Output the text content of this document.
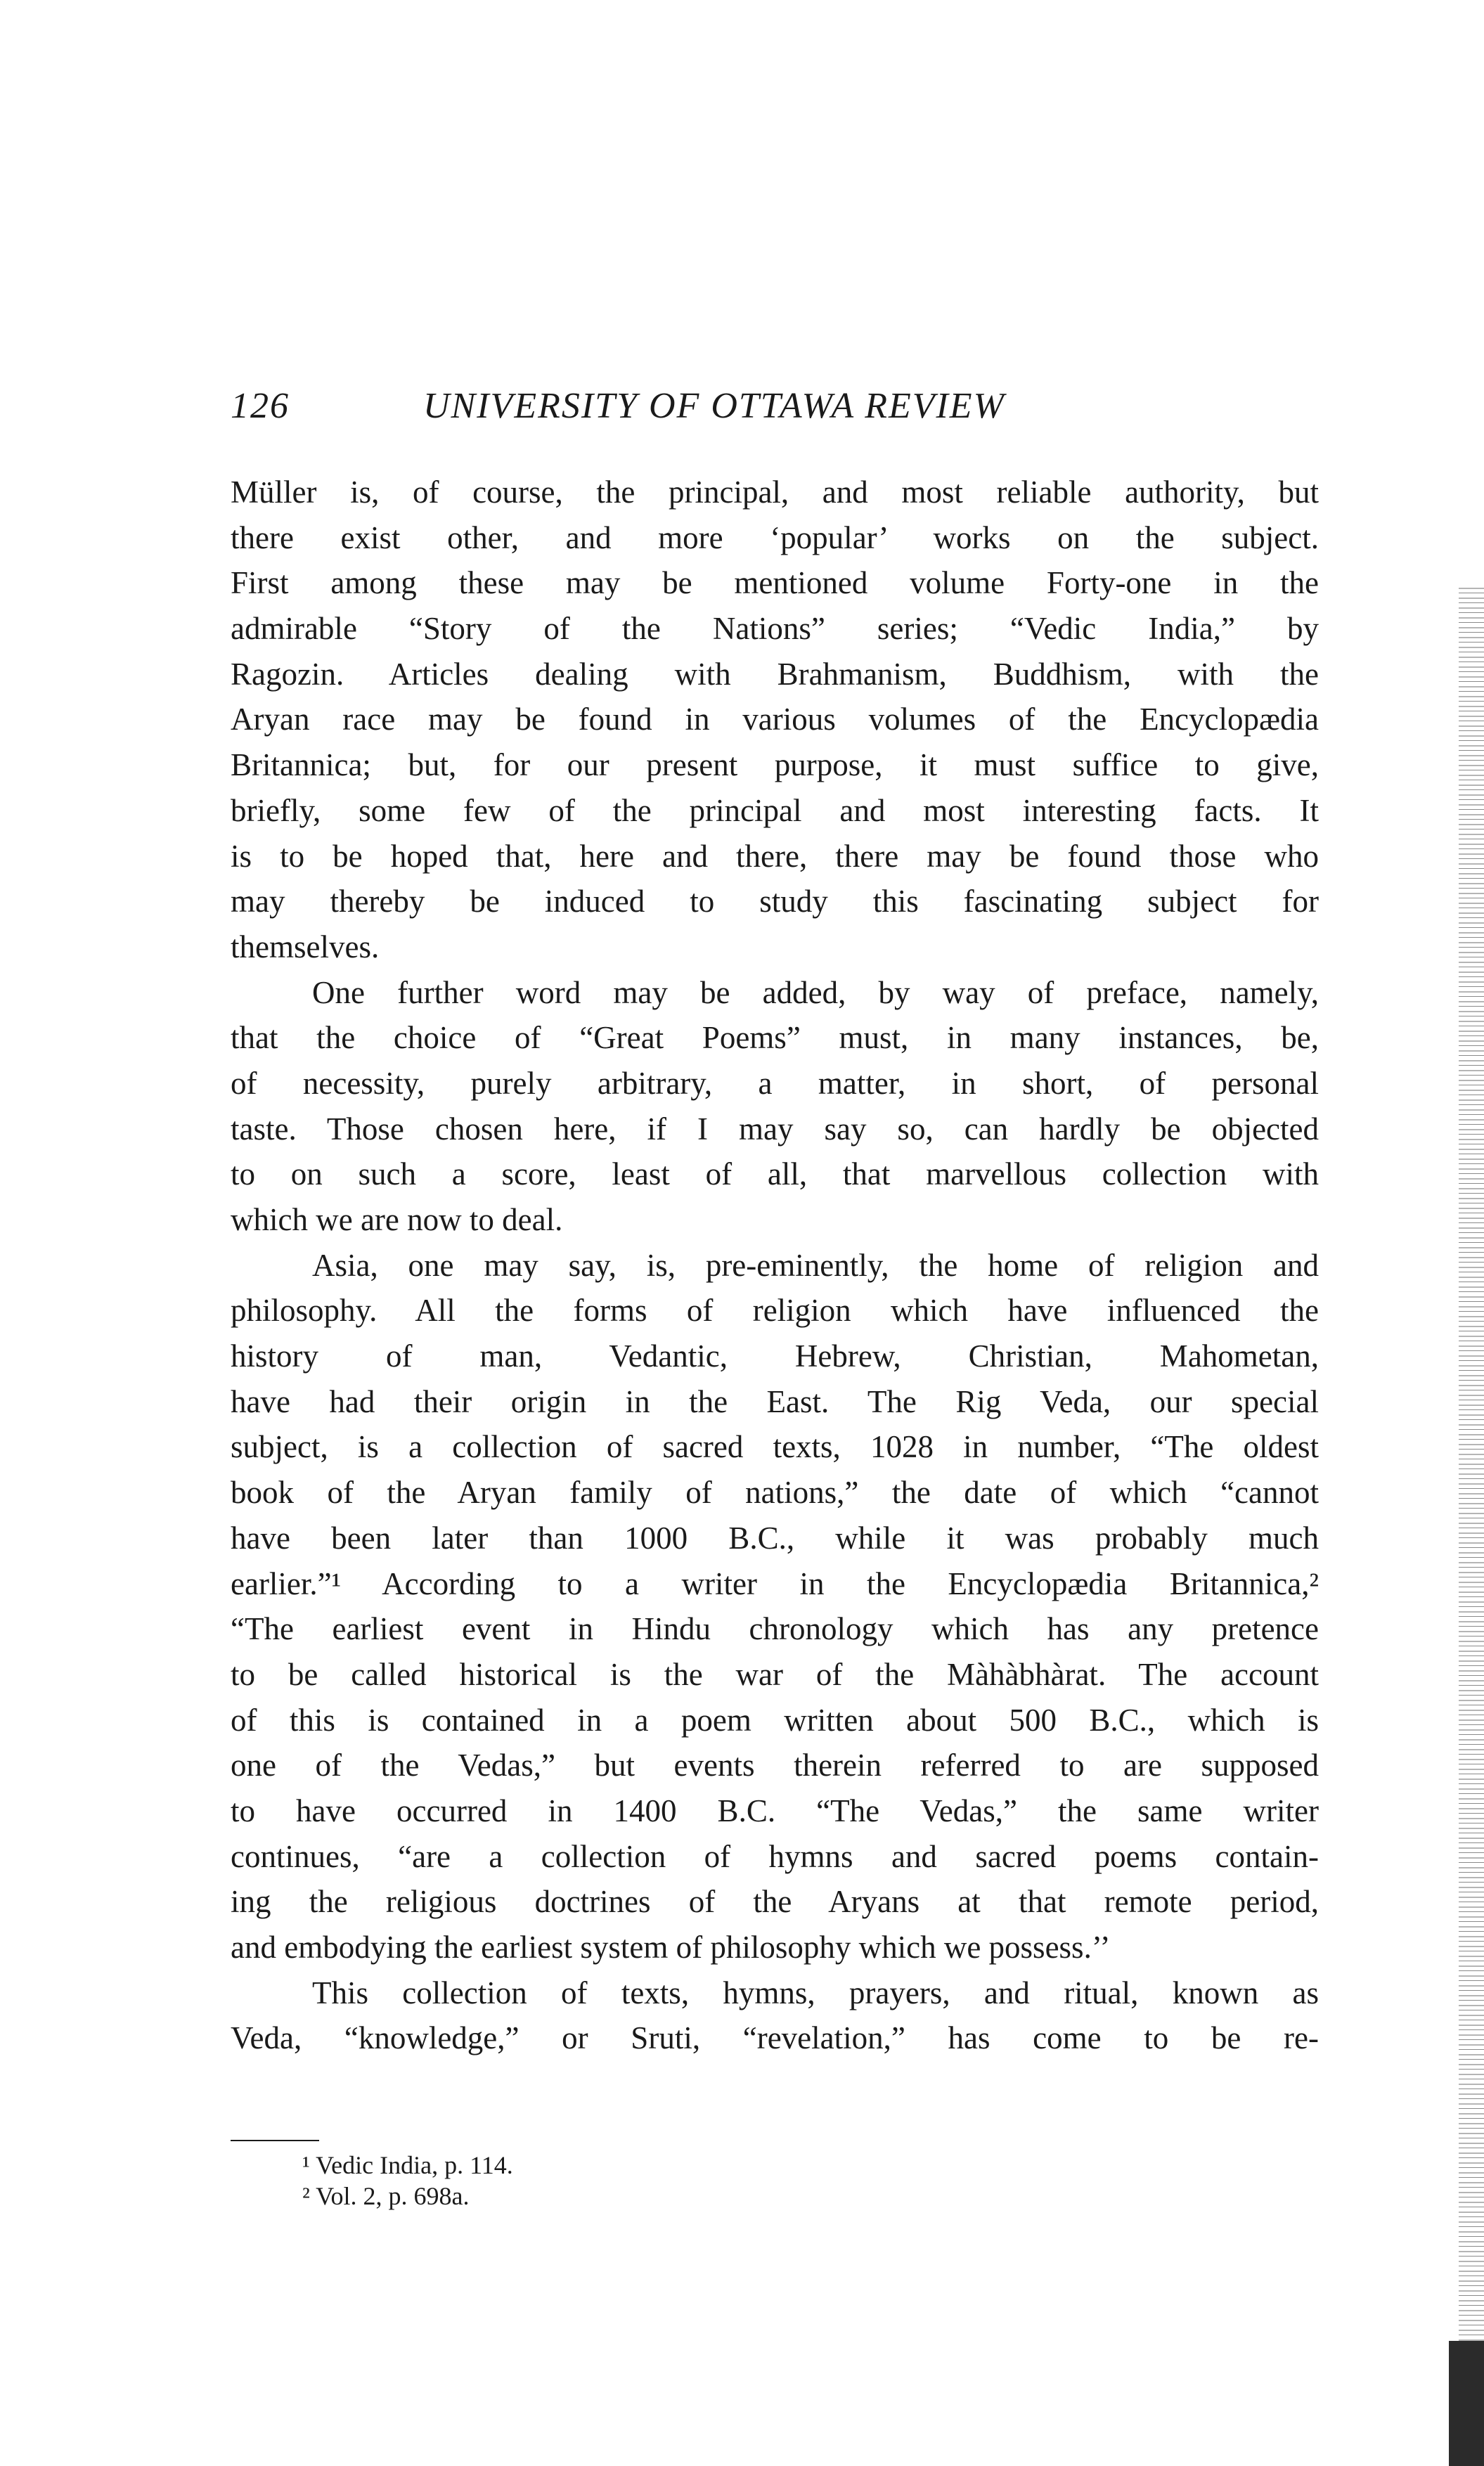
126	UNIVERSITY OF OTTAWA REVIEW
Müller is, of course, the principal, and most reliable authority, but
there exist other, and more ‘popular’ works on the subject.
First among these may be mentioned volume Forty-one in the
admirable “Story of the Nations” series; “Vedic India,” by
Ragozin. Articles dealing with Brahmanism, Buddhism, with the
Aryan race may be found in various volumes of the Encyclopædia
Britannica; but, for our present purpose, it must suffice to give,
briefly, some few of the principal and most interesting facts. It
is to be hoped that, here and there, there may be found those who
may thereby be induced to study this fascinating subject for
themselves.
One further word may be added, by way of preface, namely,
that the choice of “Great Poems” must, in many instances, be,
of necessity, purely arbitrary, a matter, in short, of personal
taste. Those chosen here, if I may say so, can hardly be objected
to on such a score, least of all, that marvellous collection with
which we are now to deal.
Asia, one may say, is, pre-eminently, the home of religion and
philosophy. All the forms of religion which have influenced the
history of man, Vedantic, Hebrew, Christian, Mahometan,
have had their origin in the East. The Rig Veda, our special
subject, is a collection of sacred texts, 1028 in number, “The oldest
book of the Aryan family of nations,” the date of which “cannot
have been later than 1000 B.C., while it was probably much
earlier.”¹ According to a writer in the Encyclopædia Britannica,²
“The earliest event in Hindu chronology which has any pretence
to be called historical is the war of the Màhàbhàrat. The account
of this is contained in a poem written about 500 B.C., which is
one of the Vedas,” but events therein referred to are supposed
to have occurred in 1400 B.C. “The Vedas,” the same writer
continues, “are a collection of hymns and sacred poems contain-
ing the religious doctrines of the Aryans at that remote period,
and embodying the earliest system of philosophy which we possess.’’
This collection of texts, hymns, prayers, and ritual, known as
Veda, “knowledge,” or Sruti, “revelation,” has come to be re-
¹ Vedic India, p. 114.
² Vol. 2, p. 698a.
